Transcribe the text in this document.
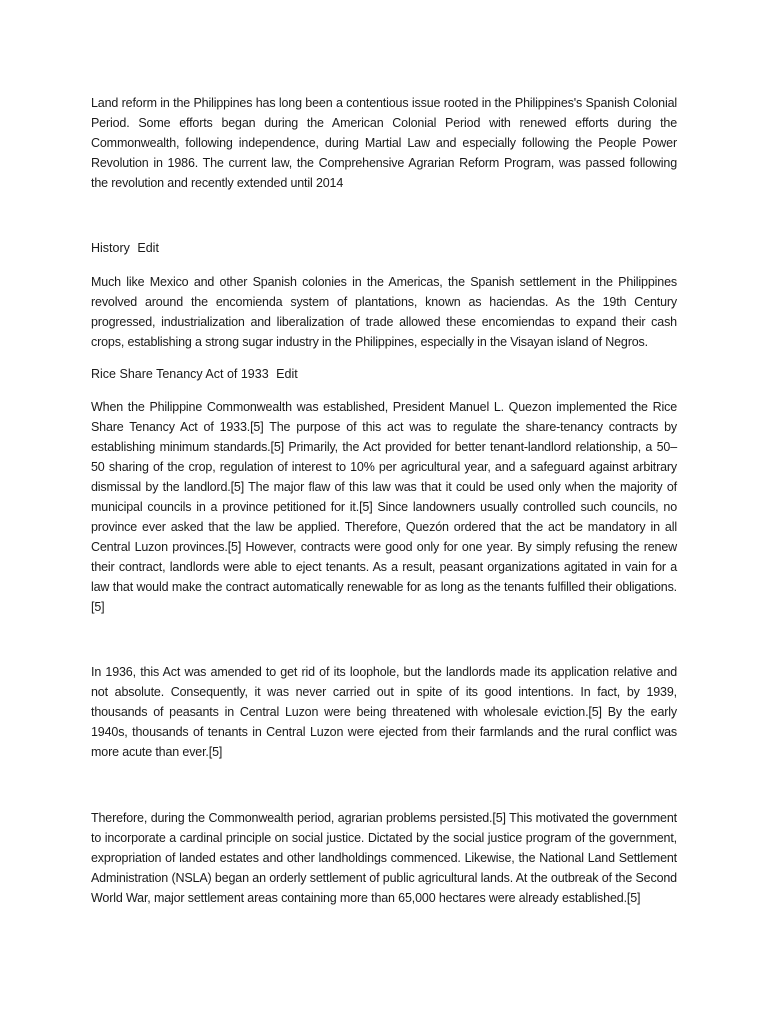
Land reform in the Philippines has long been a contentious issue rooted in the Philippines's Spanish Colonial Period. Some efforts began during the American Colonial Period with renewed efforts during the Commonwealth, following independence, during Martial Law and especially following the People Power Revolution in 1986. The current law, the Comprehensive Agrarian Reform Program, was passed following the revolution and recently extended until 2014

History Edit

Much like Mexico and other Spanish colonies in the Americas, the Spanish settlement in the Philippines revolved around the encomienda system of plantations, known as haciendas. As the 19th Century progressed, industrialization and liberalization of trade allowed these encomiendas to expand their cash crops, establishing a strong sugar industry in the Philippines, especially in the Visayan island of Negros.

Rice Share Tenancy Act of 1933 Edit

When the Philippine Commonwealth was established, President Manuel L. Quezon implemented the Rice Share Tenancy Act of 1933.[5] The purpose of this act was to regulate the share-tenancy contracts by establishing minimum standards.[5] Primarily, the Act provided for better tenant-landlord relationship, a 50–50 sharing of the crop, regulation of interest to 10% per agricultural year, and a safeguard against arbitrary dismissal by the landlord.[5] The major flaw of this law was that it could be used only when the majority of municipal councils in a province petitioned for it.[5] Since landowners usually controlled such councils, no province ever asked that the law be applied. Therefore, Quezón ordered that the act be mandatory in all Central Luzon provinces.[5] However, contracts were good only for one year. By simply refusing the renew their contract, landlords were able to eject tenants. As a result, peasant organizations agitated in vain for a law that would make the contract automatically renewable for as long as the tenants fulfilled their obligations.[5]

In 1936, this Act was amended to get rid of its loophole, but the landlords made its application relative and not absolute. Consequently, it was never carried out in spite of its good intentions. In fact, by 1939, thousands of peasants in Central Luzon were being threatened with wholesale eviction.[5] By the early 1940s, thousands of tenants in Central Luzon were ejected from their farmlands and the rural conflict was more acute than ever.[5]

Therefore, during the Commonwealth period, agrarian problems persisted.[5] This motivated the government to incorporate a cardinal principle on social justice. Dictated by the social justice program of the government, expropriation of landed estates and other landholdings commenced. Likewise, the National Land Settlement Administration (NSLA) began an orderly settlement of public agricultural lands. At the outbreak of the Second World War, major settlement areas containing more than 65,000 hectares were already established.[5]
